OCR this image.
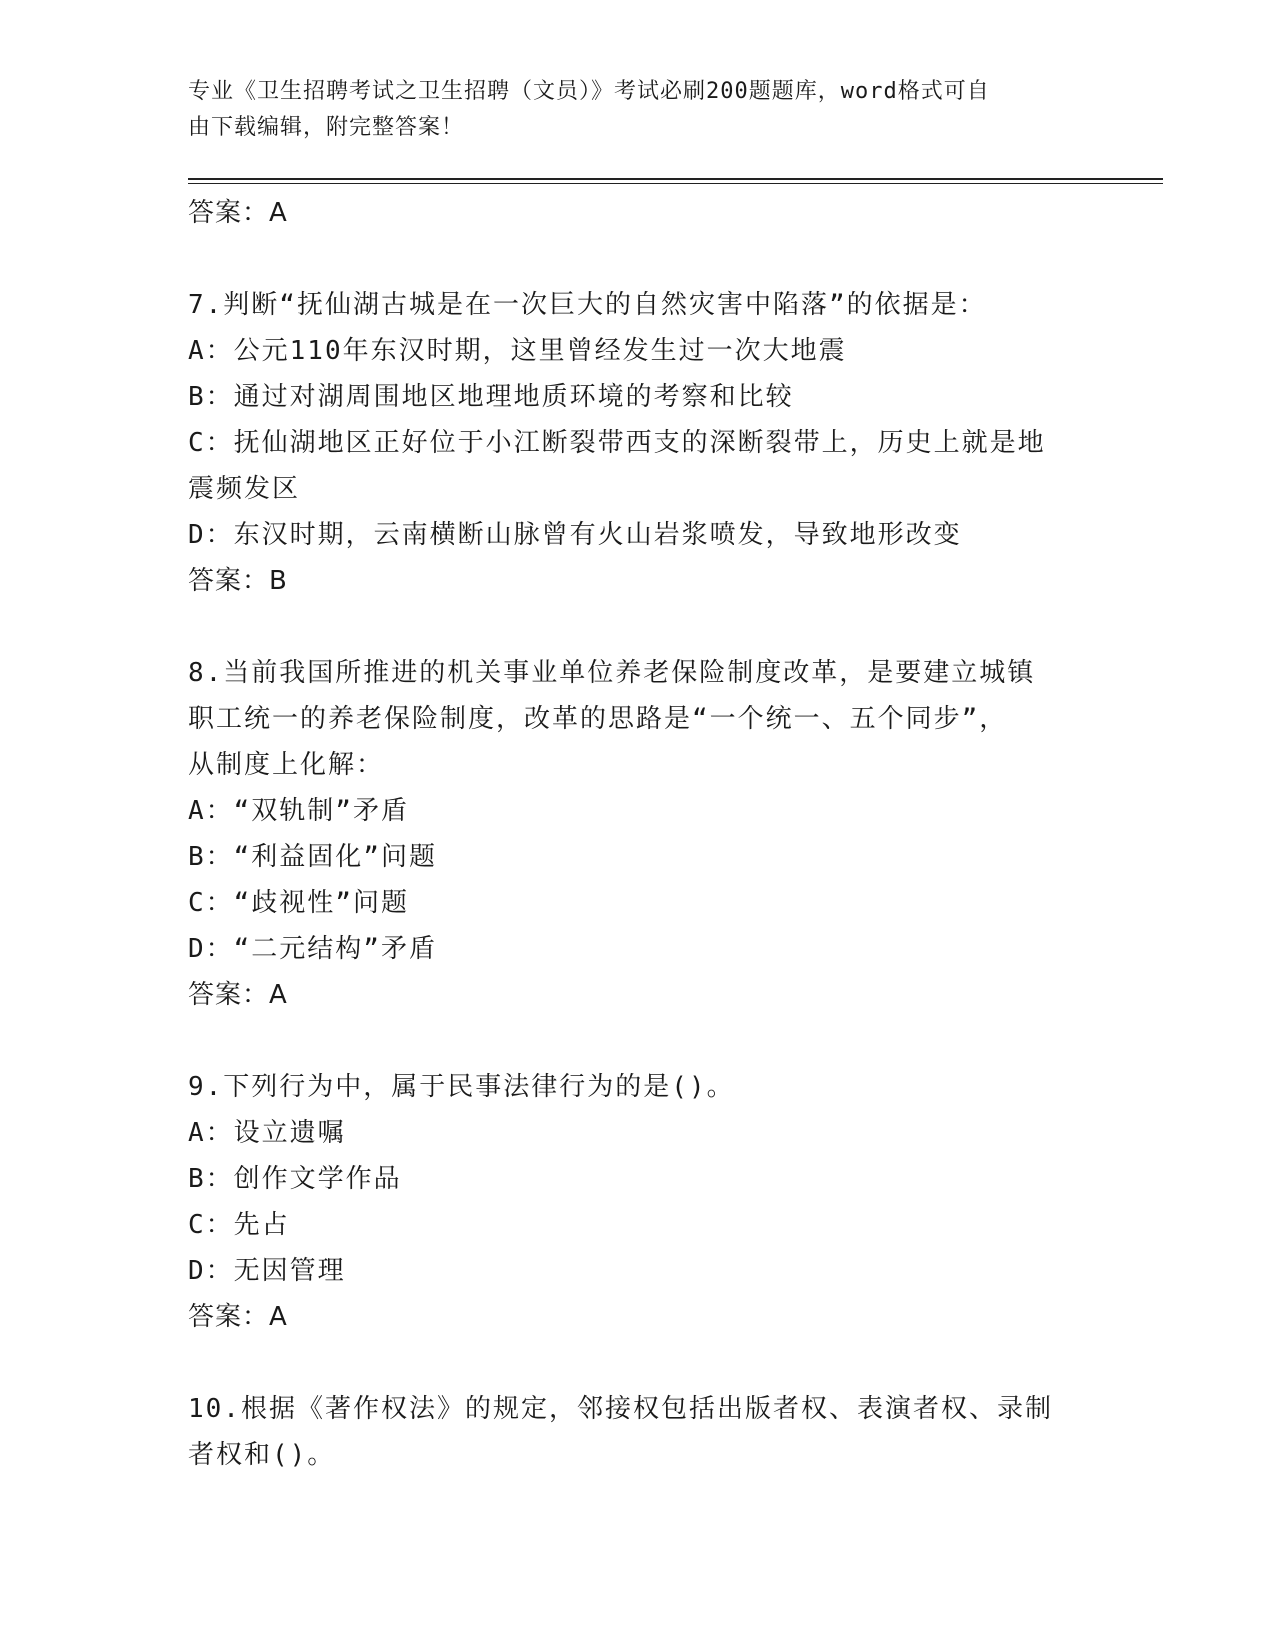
专业《卫生招聘考试之卫生招聘（文员）》考试必刷200题题库，word格式可自
由下载编辑，附完整答案！
答案：A
7.判断“抚仙湖古城是在一次巨大的自然灾害中陷落”的依据是：
A：公元110年东汉时期，这里曾经发生过一次大地震
B：通过对湖周围地区地理地质环境的考察和比较
C：抚仙湖地区正好位于小江断裂带西支的深断裂带上，历史上就是地
震频发区
D：东汉时期，云南横断山脉曾有火山岩浆喷发，导致地形改变
答案：B
8.当前我国所推进的机关事业单位养老保险制度改革，是要建立城镇
职工统一的养老保险制度，改革的思路是“一个统一、五个同步”，
从制度上化解：
A：“双轨制”矛盾
B：“利益固化”问题
C：“歧视性”问题
D：“二元结构”矛盾
答案：A
9.下列行为中，属于民事法律行为的是()。
A：设立遗嘱
B：创作文学作品
C：先占
D：无因管理
答案：A
10.根据《著作权法》的规定，邻接权包括出版者权、表演者权、录制
者权和()。
